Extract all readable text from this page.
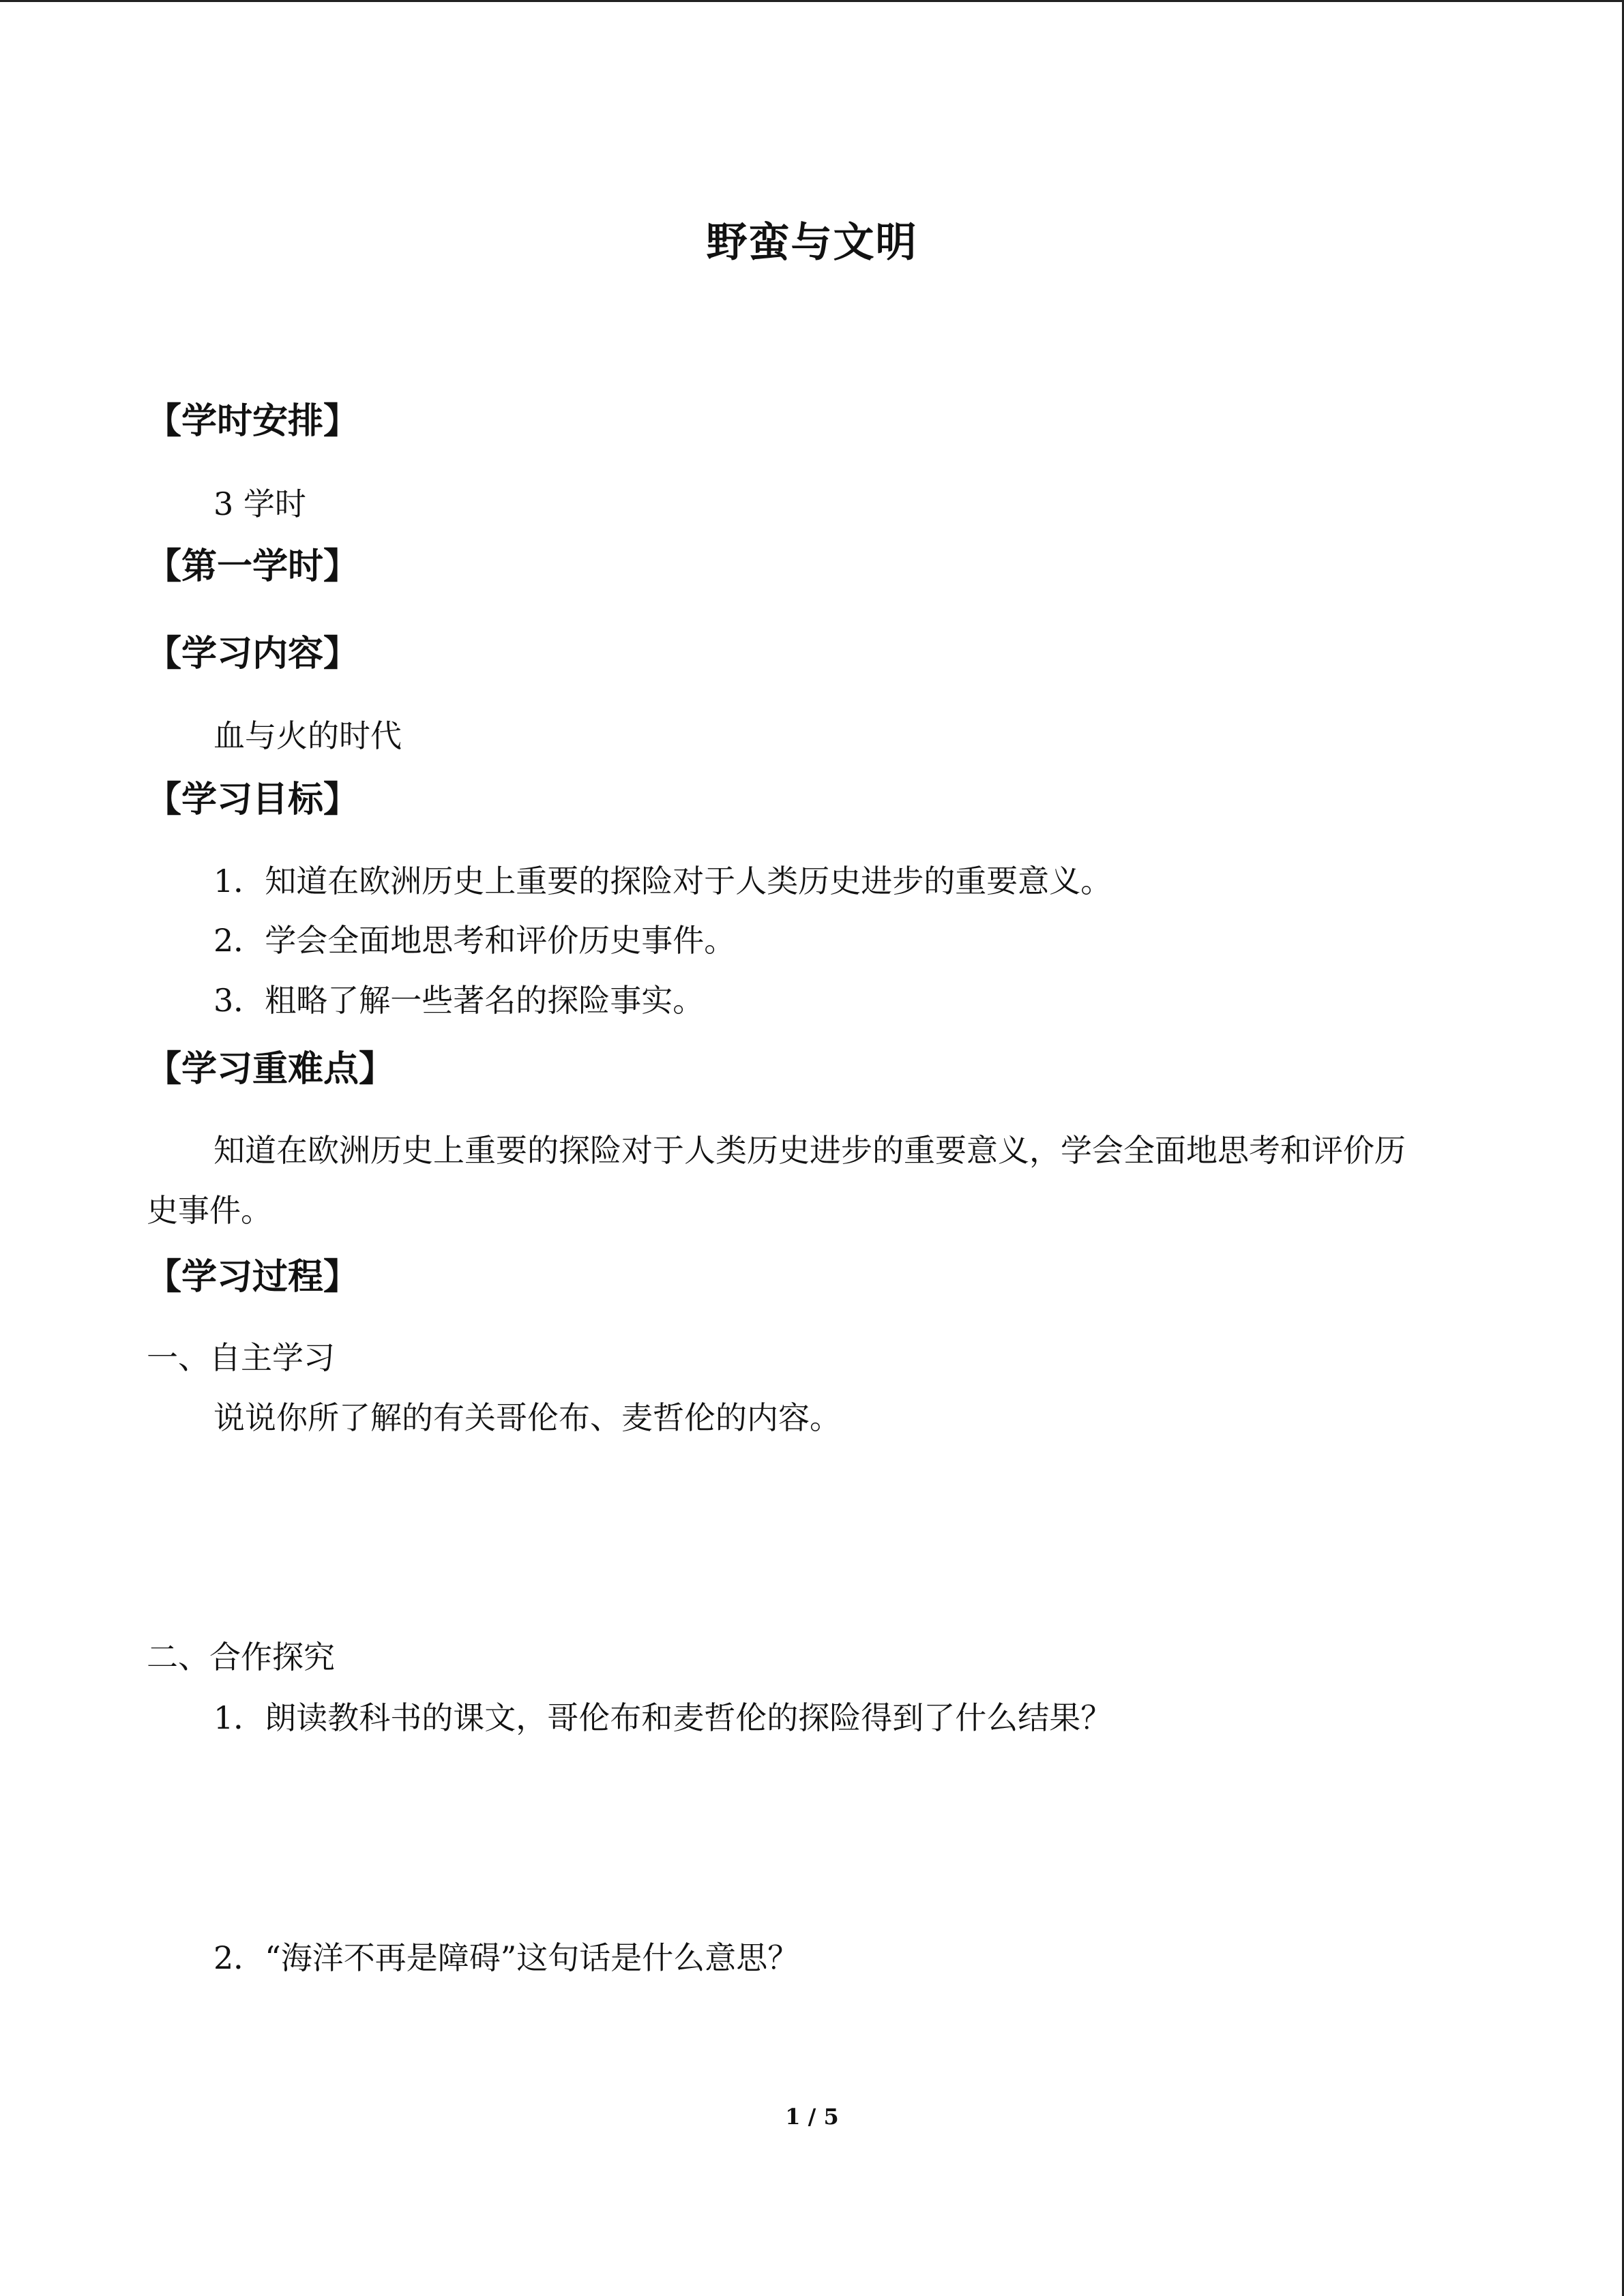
野蛮与文明
【学时安排】
3 学时
【第一学时】
【学习内容】
血与火的时代
【学习目标】
1．知道在欧洲历史上重要的探险对于人类历史进步的重要意义。
2．学会全面地思考和评价历史事件。
3．粗略了解一些著名的探险事实。
【学习重难点】
知道在欧洲历史上重要的探险对于人类历史进步的重要意义，学会全面地思考和评价历
史事件。
【学习过程】
一、自主学习
说说你所了解的有关哥伦布、麦哲伦的内容。
二、合作探究
1．朗读教科书的课文，哥伦布和麦哲伦的探险得到了什么结果？
2．“海洋不再是障碍”这句话是什么意思？
1 / 5
